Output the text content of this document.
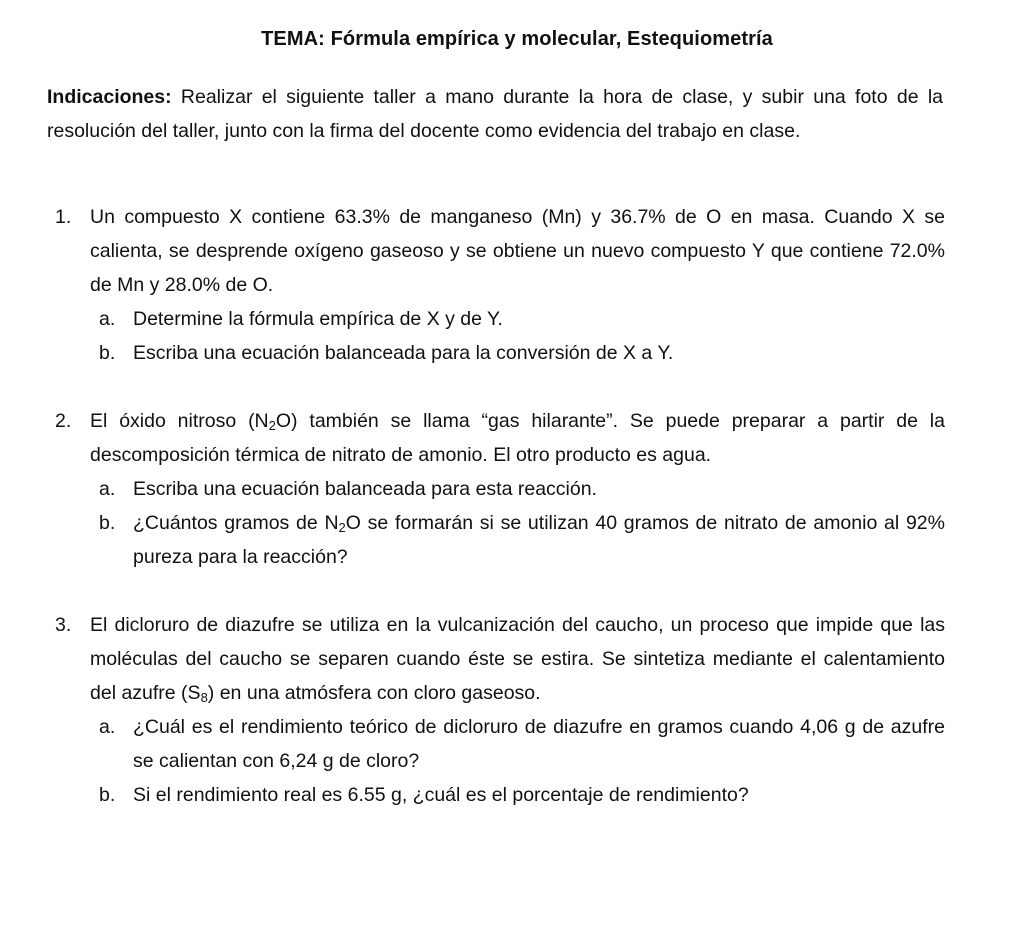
TEMA: Fórmula empírica y molecular, Estequiometría
Indicaciones: Realizar el siguiente taller a mano durante la hora de clase, y subir una foto de la resolución del taller, junto con la firma del docente como evidencia del trabajo en clase.
1. Un compuesto X contiene 63.3% de manganeso (Mn) y 36.7% de O en masa. Cuando X se calienta, se desprende oxígeno gaseoso y se obtiene un nuevo compuesto Y que contiene 72.0% de Mn y 28.0% de O.
a. Determine la fórmula empírica de X y de Y.
b. Escriba una ecuación balanceada para la conversión de X a Y.
2. El óxido nitroso $(N_2O)$ también se llama “gas hilarante”. Se puede preparar a partir de la descomposición térmica de nitrato de amonio. El otro producto es agua.
a. Escriba una ecuación balanceada para esta reacción.
b. ¿Cuántos gramos de $N_2O$ se formarán si se utilizan 40 gramos de nitrato de amonio al 92% pureza para la reacción?
3. El dicloruro de diazufre se utiliza en la vulcanización del caucho, un proceso que impide que las moléculas del caucho se separen cuando éste se estira. Se sintetiza mediante el calentamiento del azufre $(S_8)$ en una atmósfera con cloro gaseoso.
a. ¿Cuál es el rendimiento teórico de dicloruro de diazufre en gramos cuando 4,06 g de azufre se calientan con 6,24 g de cloro?
b. Si el rendimiento real es 6.55 g, ¿cuál es el porcentaje de rendimiento?
